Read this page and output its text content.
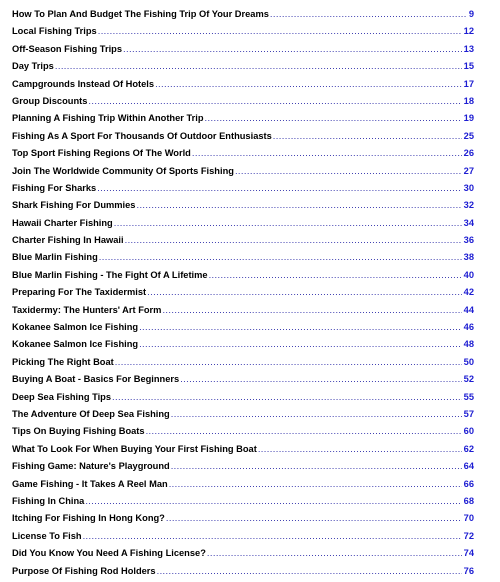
How To Plan And Budget The Fishing Trip Of Your Dreams .....	9
Local Fishing Trips .....	12
Off-Season Fishing Trips .....	13
Day Trips .....	15
Campgrounds Instead Of Hotels .....	17
Group Discounts .....	18
Planning A Fishing Trip Within Another Trip .....	19
Fishing As A Sport For Thousands Of Outdoor Enthusiasts .....	25
Top Sport Fishing Regions Of The World .....	26
Join The Worldwide Community Of Sports Fishing .....	27
Fishing For Sharks .....	30
Shark Fishing For Dummies .....	32
Hawaii Charter Fishing .....	34
Charter Fishing In Hawaii .....	36
Blue Marlin Fishing .....	38
Blue Marlin Fishing - The Fight Of A Lifetime .....	40
Preparing For The Taxidermist .....	42
Taxidermy: The Hunters' Art Form .....	44
Kokanee Salmon Ice Fishing .....	46
Kokanee Salmon Ice Fishing .....	48
Picking The Right Boat .....	50
Buying A Boat - Basics For Beginners .....	52
Deep Sea Fishing Tips .....	55
The Adventure Of Deep Sea Fishing .....	57
Tips On Buying Fishing Boats .....	60
What To Look For When Buying Your First Fishing Boat .....	62
Fishing Game: Nature's Playground .....	64
Game Fishing - It Takes A Reel Man .....	66
Fishing In China .....	68
Itching For Fishing In Hong Kong? .....	70
License To Fish .....	72
Did You Know You Need A Fishing License? .....	74
Purpose Of Fishing Rod Holders .....	76
